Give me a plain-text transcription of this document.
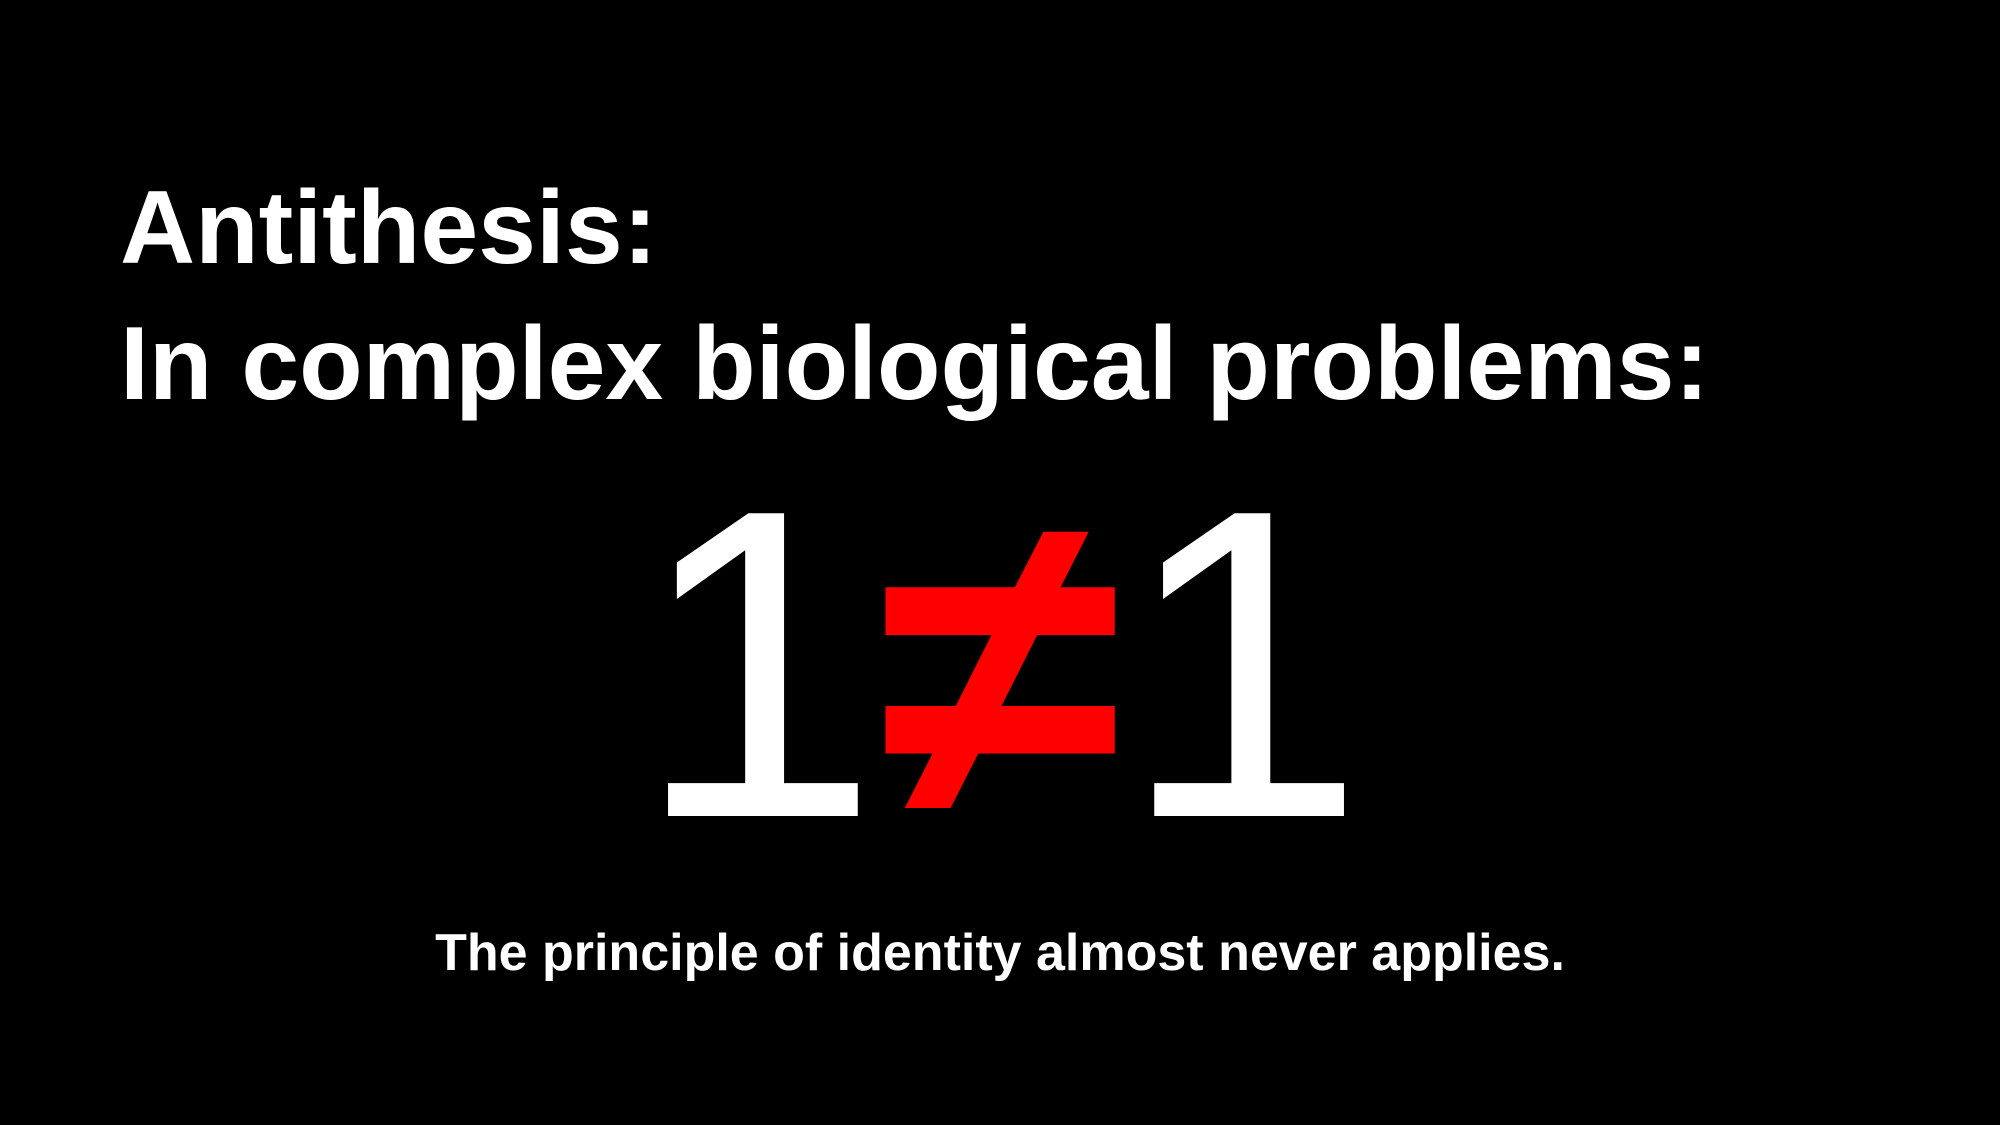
Antithesis:
In complex biological problems:
1≠1
The principle of identity almost never applies.
